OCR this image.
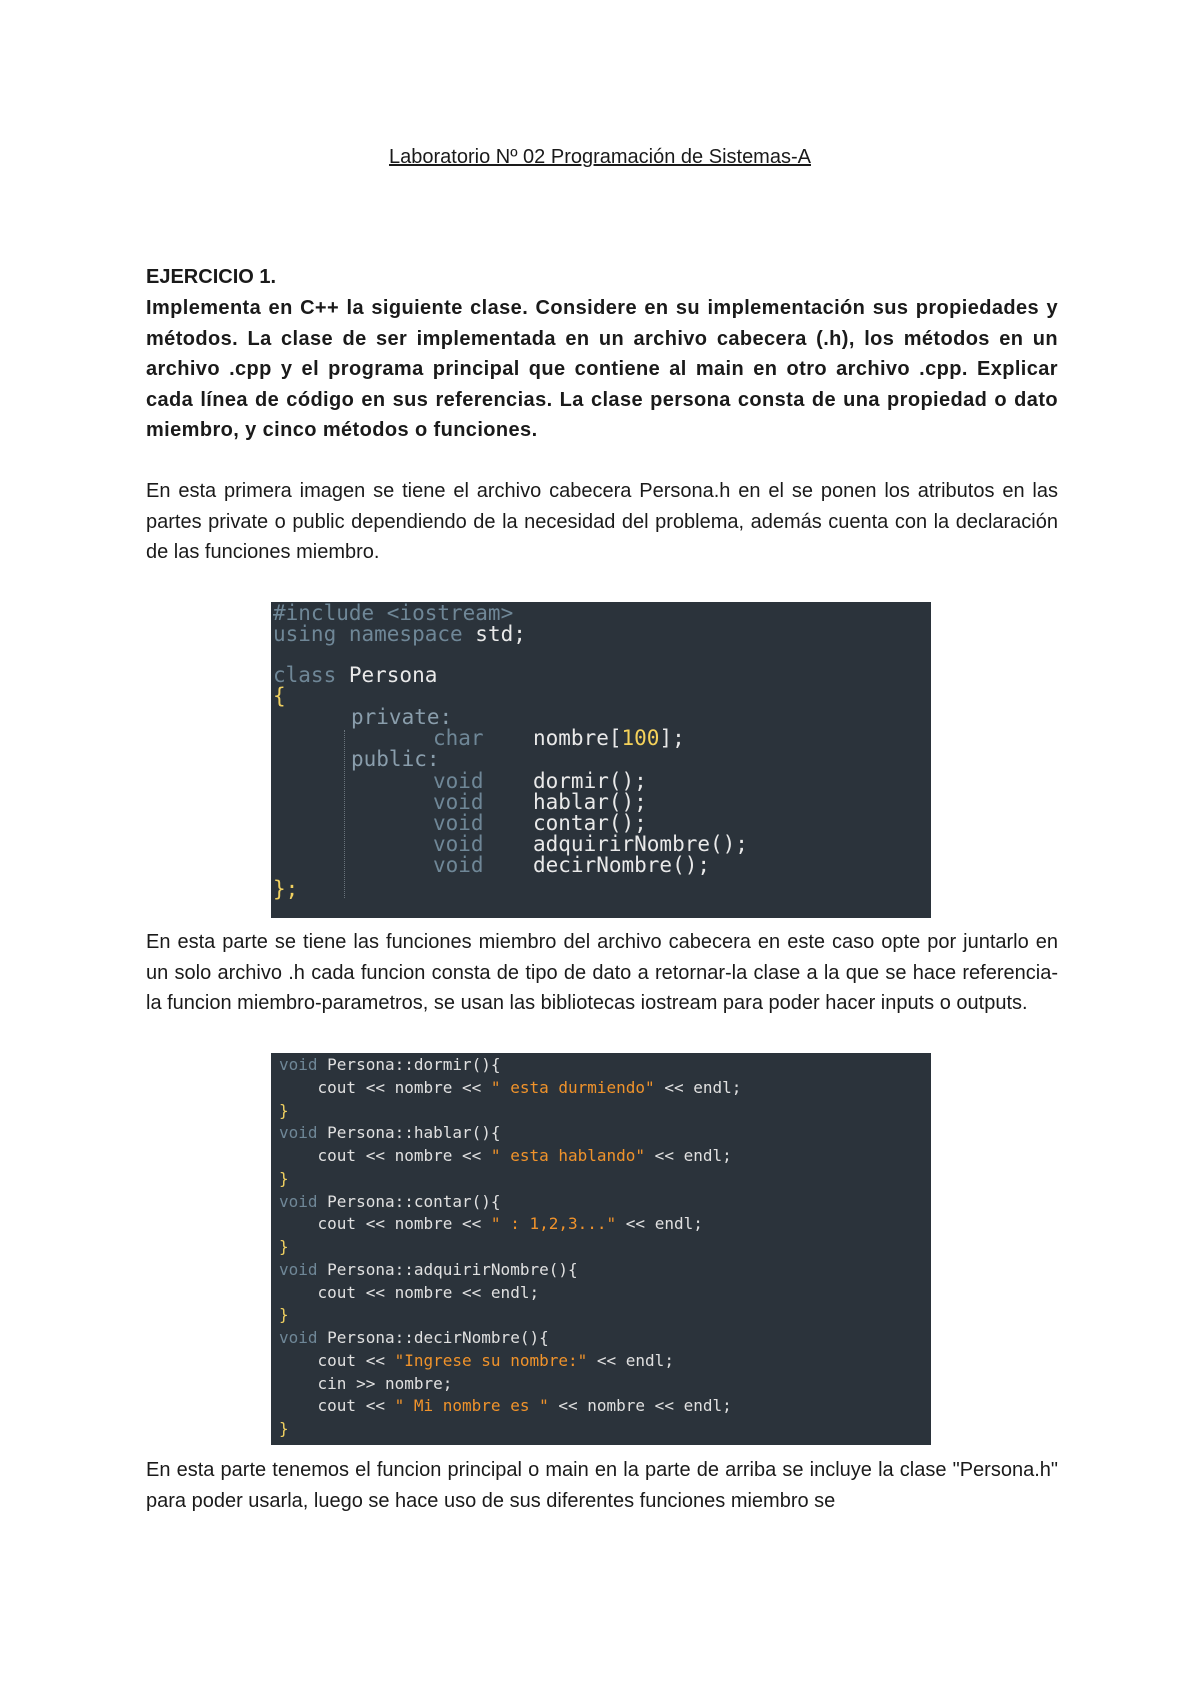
Laboratorio Nº 02 Programación de Sistemas-A
EJERCICIO 1.
Implementa en C++ la siguiente clase. Considere en su implementación sus propiedades y métodos. La clase de ser implementada en un archivo cabecera (.h), los métodos en un archivo .cpp y el programa principal que contiene al main en otro archivo .cpp. Explicar cada línea de código en sus referencias. La clase persona consta de una propiedad o dato miembro, y cinco métodos o funciones.
En esta primera imagen se tiene el archivo cabecera Persona.h en el se ponen los atributos en las partes private o public dependiendo de la necesidad del problema, además cuenta con la declaración de las funciones miembro.
#include <iostream>
using namespace std;
class Persona
{
private:
char nombre[100];
public:
void dormir();
void hablar();
void contar();
void adquirirNombre();
void decirNombre();
};
En esta parte se tiene las funciones miembro del archivo cabecera en este caso opte por juntarlo en un solo archivo .h cada funcion consta de tipo de dato a retornar-la clase a la que se hace referencia-la funcion miembro-parametros, se usan las bibliotecas iostream para poder hacer inputs o outputs.
void Persona::dormir(){
cout << nombre << " esta durmiendo" << endl;
}
void Persona::hablar(){
cout << nombre << " esta hablando" << endl;
}
void Persona::contar(){
cout << nombre << " : 1,2,3..." << endl;
}
void Persona::adquirirNombre(){
cout << nombre << endl;
}
void Persona::decirNombre(){
cout << "Ingrese su nombre:" << endl;
cin >> nombre;
cout << " Mi nombre es " << nombre << endl;
}
En esta parte tenemos el funcion principal o main en la parte de arriba se incluye la clase "Persona.h" para poder usarla, luego se hace uso de sus diferentes funciones miembro se
